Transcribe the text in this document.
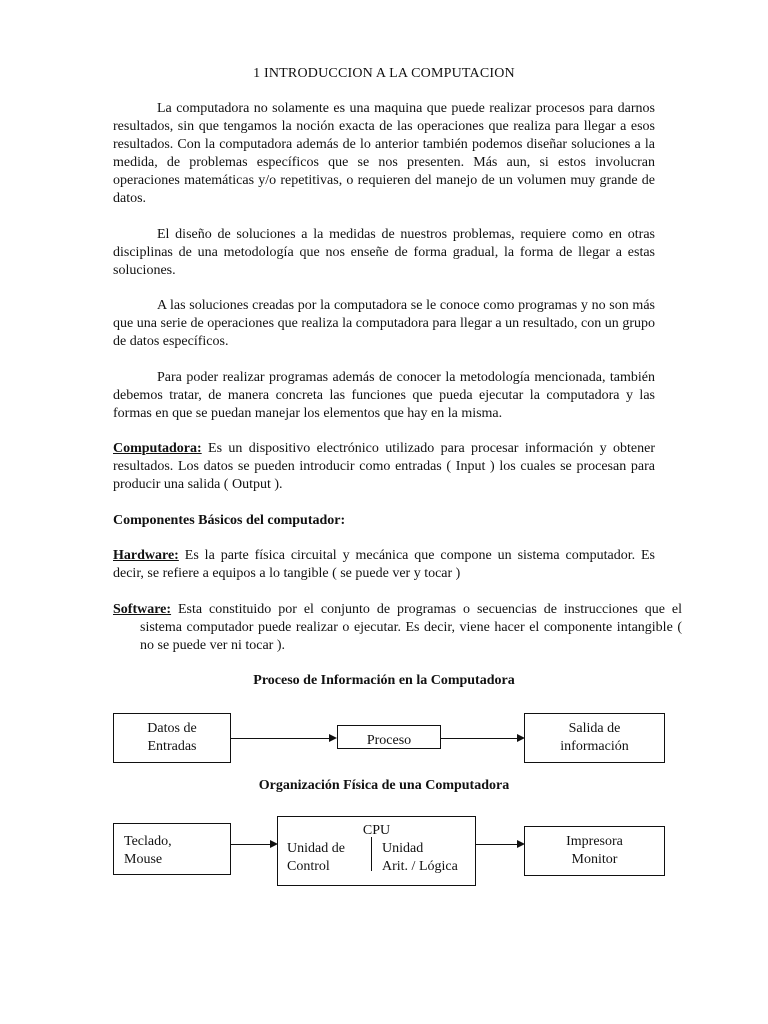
1 INTRODUCCION A LA COMPUTACION
La computadora no solamente es una maquina que puede realizar procesos para darnos resultados, sin que tengamos la noción exacta de las operaciones que realiza para llegar a esos resultados. Con la computadora además de lo anterior también podemos diseñar soluciones a la medida, de problemas específicos que se nos presenten. Más aun, si estos involucran operaciones matemáticas y/o repetitivas, o requieren del manejo de un volumen muy grande de datos.
El diseño de soluciones a la medidas de nuestros problemas, requiere como en otras disciplinas de una metodología que nos enseñe de forma gradual, la forma de llegar a estas soluciones.
A las soluciones creadas por la computadora se le conoce como programas y no son más que una serie de operaciones que realiza la computadora para llegar a un resultado, con un grupo de datos específicos.
Para poder realizar programas además de conocer la metodología mencionada, también debemos tratar, de manera concreta las funciones que pueda ejecutar la computadora y las formas en que se puedan manejar los elementos que hay en la misma.
Computadora: Es un dispositivo electrónico utilizado para procesar información y obtener resultados. Los datos se pueden introducir como entradas ( Input ) los cuales se procesan para producir una salida ( Output ).
Componentes Básicos del computador:
Hardware: Es la parte física circuital y mecánica que compone un sistema computador. Es decir, se refiere a equipos a lo tangible ( se puede ver y tocar )
Software: Esta constituido por el conjunto de programas o secuencias de instrucciones que el sistema computador puede realizar o ejecutar. Es decir, viene hacer el componente intangible ( no se puede ver ni tocar ).
Proceso de Información en la Computadora
Datos de
Entradas	Proceso
Salida de
información
Organización Física de una Computadora
Teclado,
Mouse
CPU
Unidad de
Control
Unidad
Arit. / Lógica
Impresora
Monitor
